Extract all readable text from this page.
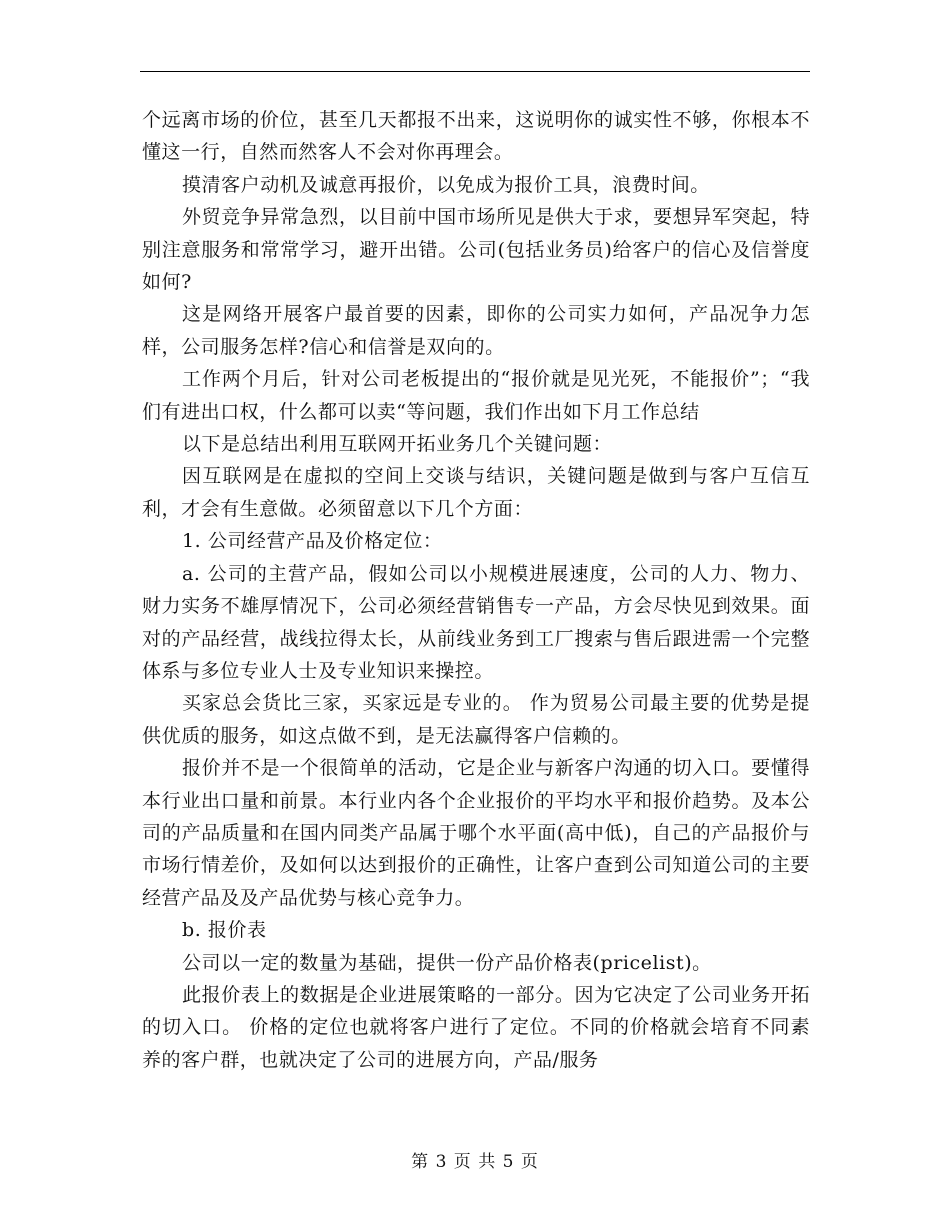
个远离市场的价位，甚至几天都报不出来，这说明你的诚实性不够，你根本不懂这一行，自然而然客人不会对你再理会。

摸清客户动机及诚意再报价，以免成为报价工具，浪费时间。

外贸竞争异常急烈，以目前中国市场所见是供大于求，要想异军突起，特别注意服务和常常学习，避开出错。公司(包括业务员)给客户的信心及信誉度如何?

这是网络开展客户最首要的因素，即你的公司实力如何，产品况争力怎样，公司服务怎样?信心和信誉是双向的。

工作两个月后，针对公司老板提出的“报价就是见光死，不能报价”；“我们有进出口权，什么都可以卖“等问题，我们作出如下月工作总结

以下是总结出利用互联网开拓业务几个关键问题：

因互联网是在虚拟的空间上交谈与结识，关键问题是做到与客户互信互利，才会有生意做。必须留意以下几个方面：

1. 公司经营产品及价格定位：

a. 公司的主营产品，假如公司以小规模进展速度，公司的人力、物力、财力实务不雄厚情况下，公司必须经营销售专一产品，方会尽快见到效果。面对的产品经营，战线拉得太长，从前线业务到工厂搜索与售后跟进需一个完整体系与多位专业人士及专业知识来操控。

买家总会货比三家，买家远是专业的。 作为贸易公司最主要的优势是提供优质的服务，如这点做不到，是无法赢得客户信赖的。

报价并不是一个很简单的活动，它是企业与新客户沟通的切入口。要懂得本行业出口量和前景。本行业内各个企业报价的平均水平和报价趋势。及本公司的产品质量和在国内同类产品属于哪个水平面(高中低)，自己的产品报价与市场行情差价，及如何以达到报价的正确性，让客户查到公司知道公司的主要经营产品及及产品优势与核心竞争力。

b. 报价表

公司以一定的数量为基础，提供一份产品价格表(pricelist)。

此报价表上的数据是企业进展策略的一部分。因为它决定了公司业务开拓的切入口。 价格的定位也就将客户进行了定位。不同的价格就会培育不同素养的客户群，也就决定了公司的进展方向，产品/服务

第 3 页 共 5 页
